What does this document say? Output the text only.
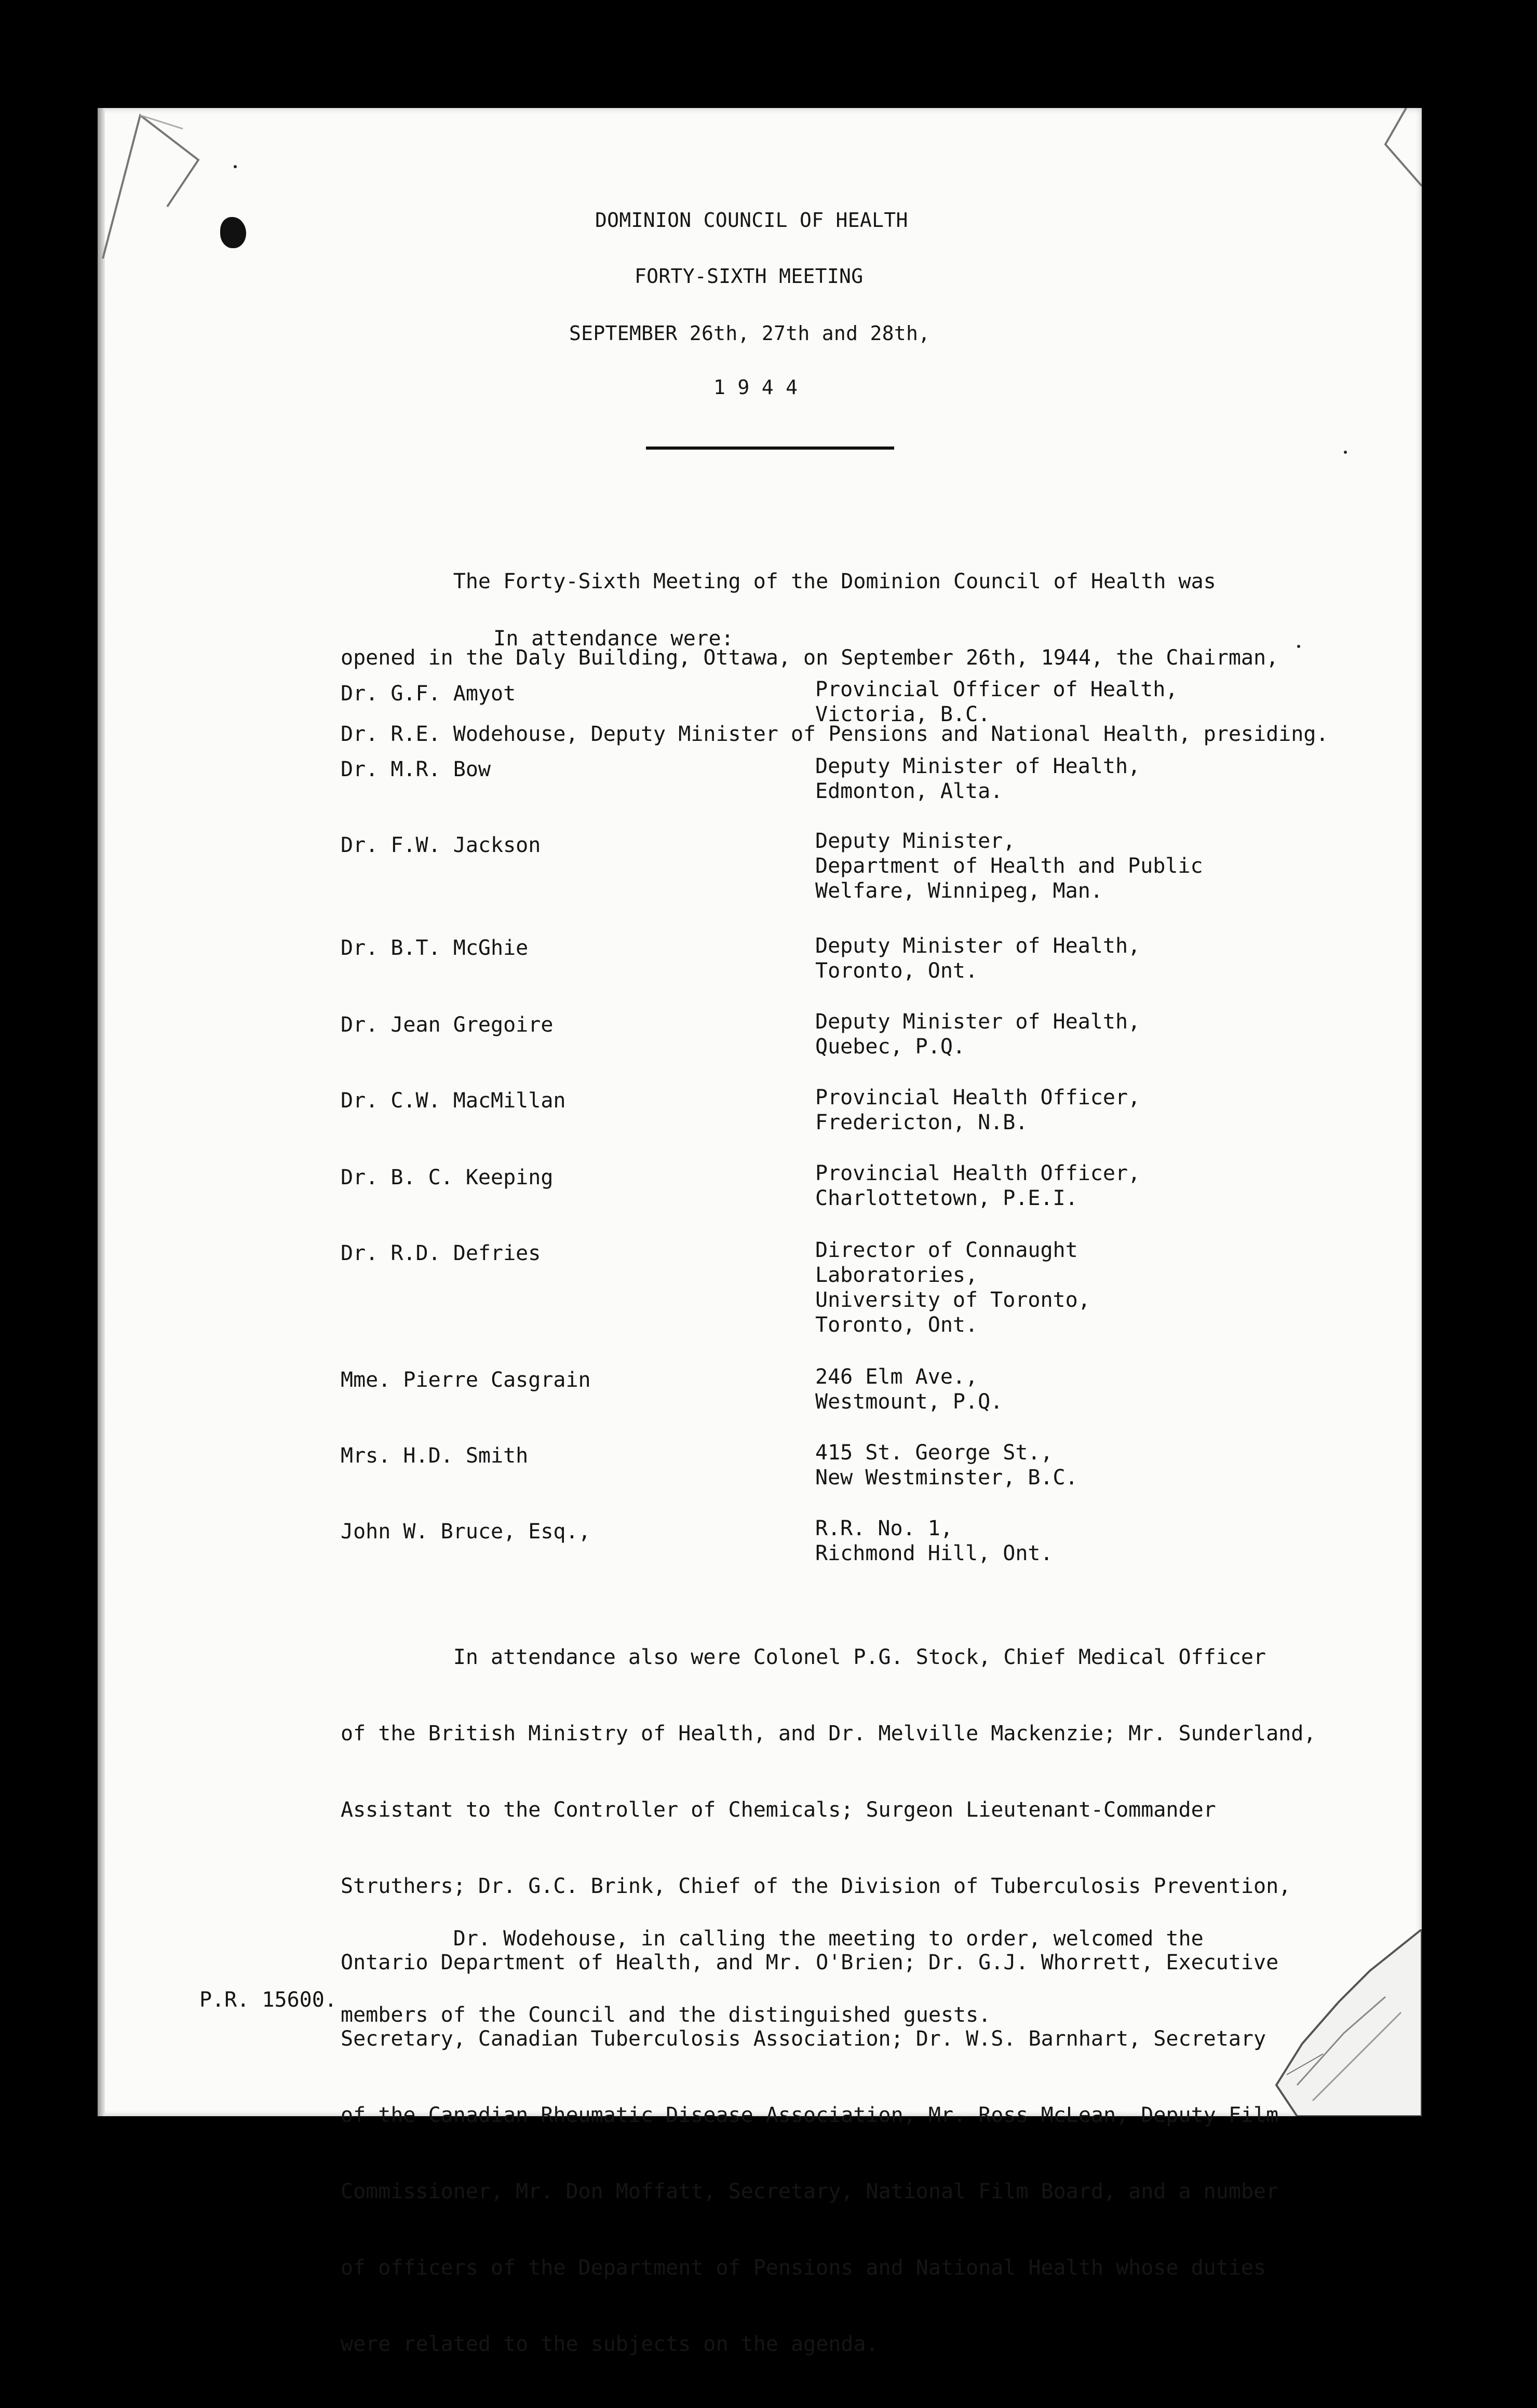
DOMINION COUNCIL OF HEALTH
FORTY-SIXTH MEETING
SEPTEMBER 26th, 27th and 28th,
1 9 4 4

The Forty-Sixth Meeting of the Dominion Council of Health was

opened in the Daly Building, Ottawa, on September 26th, 1944, the Chairman,

Dr. R.E. Wodehouse, Deputy Minister of Pensions and National Health, presiding.

In attendance were:
Dr. G.F. Amyot	Provincial Officer of Health,
Victoria, B.C.
Dr. M.R. Bow	Deputy Minister of Health,
Edmonton, Alta.
Dr. F.W. Jackson	Deputy Minister,
Department of Health and Public
Welfare, Winnipeg, Man.
Dr. B.T. McGhie	Deputy Minister of Health,
Toronto, Ont.
Dr. Jean Gregoire	Deputy Minister of Health,
Quebec, P.Q.
Dr. C.W. MacMillan	Provincial Health Officer,
Fredericton, N.B.
Dr. B. C. Keeping	Provincial Health Officer,
Charlottetown, P.E.I.
Dr. R.D. Defries	Director of Connaught
Laboratories,
University of Toronto,
Toronto, Ont.
Mme. Pierre Casgrain	246 Elm Ave.,
Westmount, P.Q.
Mrs. H.D. Smith	415 St. George St.,
New Westminster, B.C.
John W. Bruce, Esq.,	R.R. No. 1,
Richmond Hill, Ont.

In attendance also were Colonel P.G. Stock, Chief Medical Officer

of the British Ministry of Health, and Dr. Melville Mackenzie; Mr. Sunderland,

Assistant to the Controller of Chemicals; Surgeon Lieutenant-Commander

Struthers; Dr. G.C. Brink, Chief of the Division of Tuberculosis Prevention,

Ontario Department of Health, and Mr. O'Brien; Dr. G.J. Whorrett, Executive

Secretary, Canadian Tuberculosis Association; Dr. W.S. Barnhart, Secretary

of the Canadian Rheumatic Disease Association, Mr. Ross McLean, Deputy Film

Commissioner, Mr. Don Moffatt, Secretary, National Film Board, and a number

of officers of the Department of Pensions and National Health whose duties

were related to the subjects on the agenda.

Dr. Wodehouse, in calling the meeting to order, welcomed the

members of the Council and the distinguished guests.

P.R. 15600.
